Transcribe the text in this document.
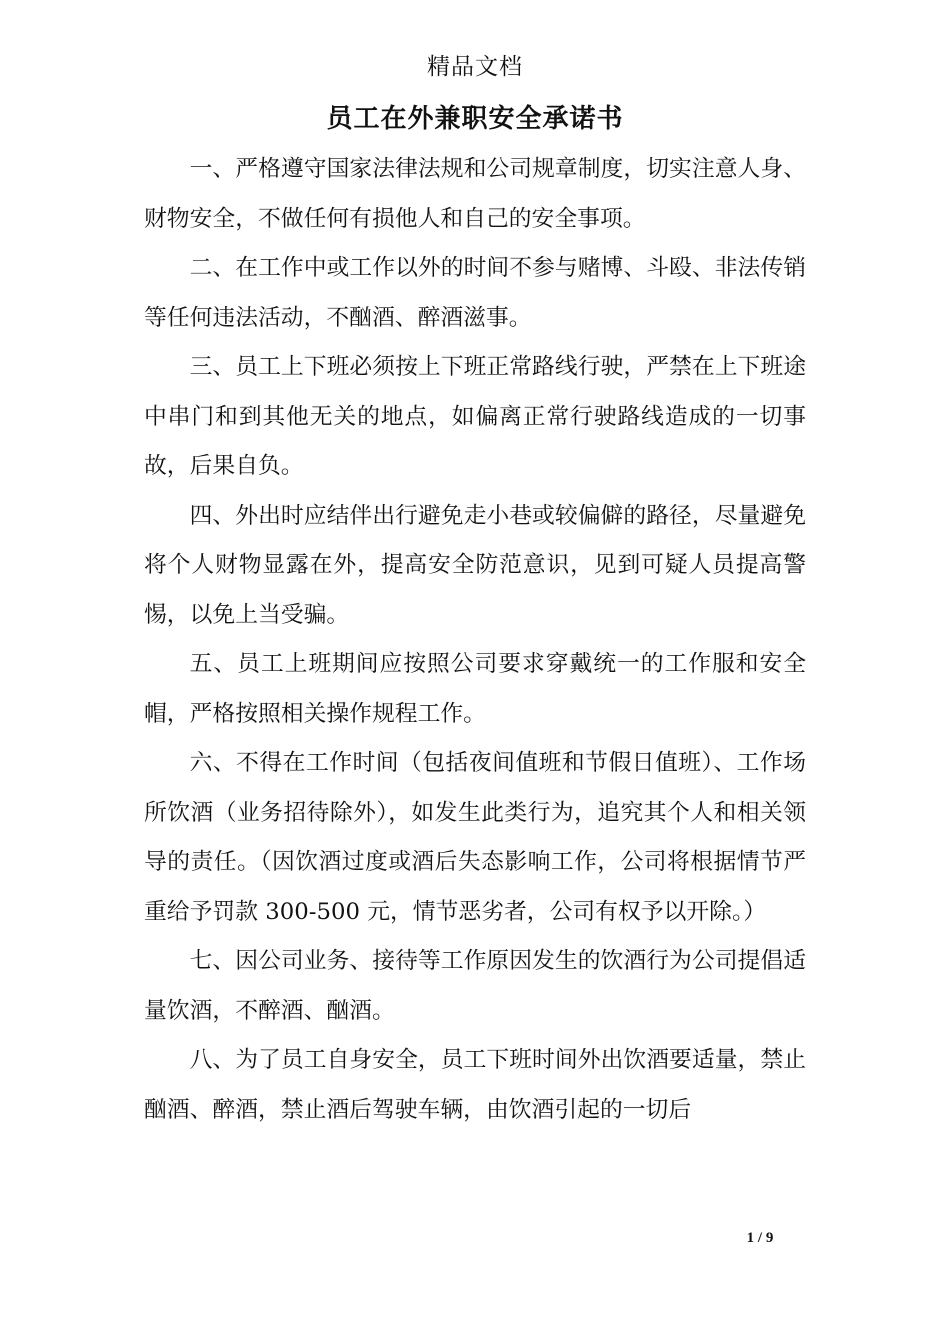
精品文档
员工在外兼职安全承诺书

一、严格遵守国家法律法规和公司规章制度，切实注意人身、财物安全，不做任何有损他人和自己的安全事项。

二、在工作中或工作以外的时间不参与赌博、斗殴、非法传销等任何违法活动，不酗酒、醉酒滋事。

三、员工上下班必须按上下班正常路线行驶，严禁在上下班途中串门和到其他无关的地点，如偏离正常行驶路线造成的一切事故，后果自负。

四、外出时应结伴出行避免走小巷或较偏僻的路径，尽量避免将个人财物显露在外，提高安全防范意识，见到可疑人员提高警惕，以免上当受骗。

五、员工上班期间应按照公司要求穿戴统一的工作服和安全帽，严格按照相关操作规程工作。

六、不得在工作时间（包括夜间值班和节假日值班）、工作场所饮酒（业务招待除外），如发生此类行为，追究其个人和相关领导的责任。（因饮酒过度或酒后失态影响工作，公司将根据情节严重给予罚款 300-500 元，情节恶劣者，公司有权予以开除。）

七、因公司业务、接待等工作原因发生的饮酒行为公司提倡适量饮酒，不醉酒、酗酒。

八、为了员工自身安全，员工下班时间外出饮酒要适量，禁止酗酒、醉酒，禁止酒后驾驶车辆，由饮酒引起的一切后

1 / 9
